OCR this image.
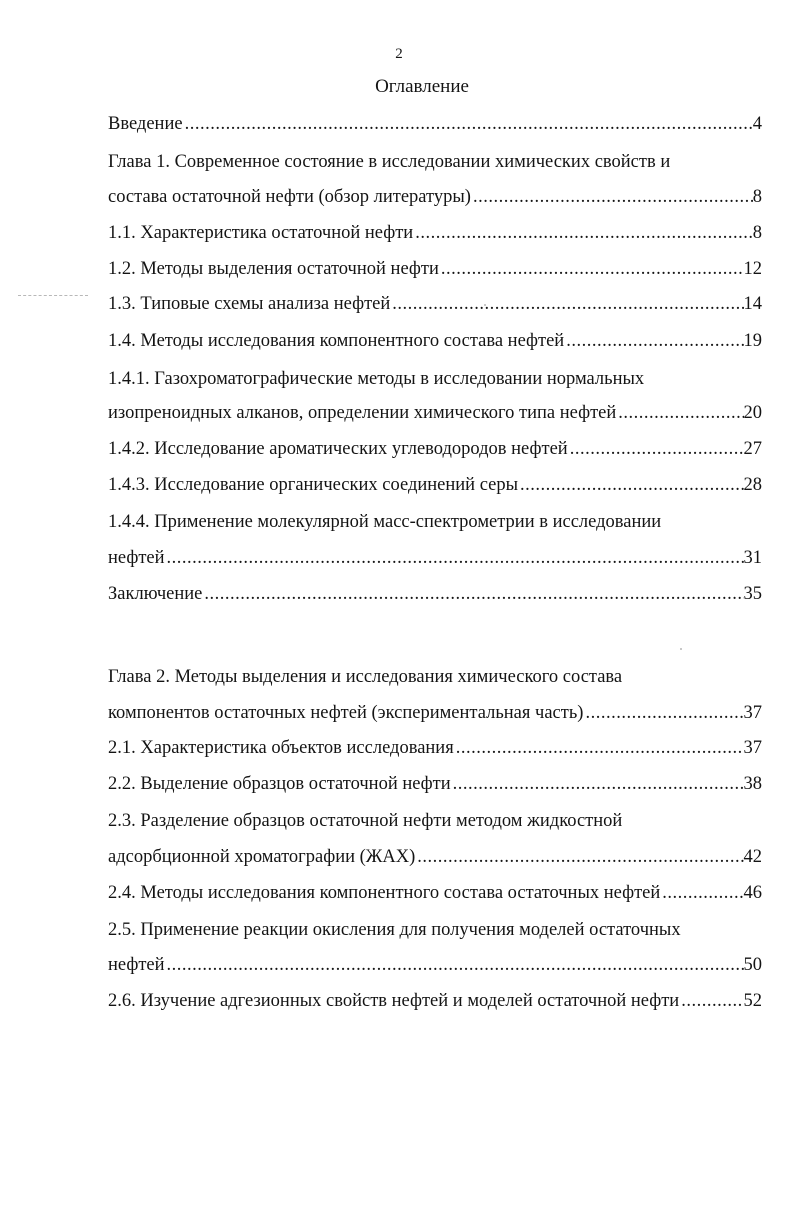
2
Оглавление
Введение .....	4
Глава 1. Современное состояние в исследовании химических свойств и
состава остаточной нефти (обзор литературы) .....	8
1.1. Характеристика остаточной нефти .....	8
1.2. Методы выделения остаточной нефти .....	12
1.3. Типовые схемы анализа нефтей .....	14
1.4. Методы исследования компонентного состава нефтей .....	19
1.4.1. Газохроматографические методы в исследовании нормальных
изопреноидных алканов, определении химического типа нефтей .....	20
1.4.2. Исследование ароматических углеводородов нефтей .....	27
1.4.3. Исследование органических соединений серы .....	28
1.4.4. Применение молекулярной масс-спектрометрии в исследовании
нефтей .....	31
Заключение .....	35
Глава 2. Методы выделения и исследования химического состава
компонентов остаточных нефтей (экспериментальная часть) .....	37
2.1. Характеристика объектов исследования .....	37
2.2. Выделение образцов остаточной нефти .....	38
2.3. Разделение образцов остаточной нефти методом жидкостной
адсорбционной хроматографии (ЖАХ) .....	42
2.4. Методы исследования компонентного состава остаточных нефтей .....	46
2.5. Применение реакции окисления для получения моделей остаточных
нефтей .....	50
2.6. Изучение адгезионных свойств нефтей и моделей остаточной нефти .....	52
